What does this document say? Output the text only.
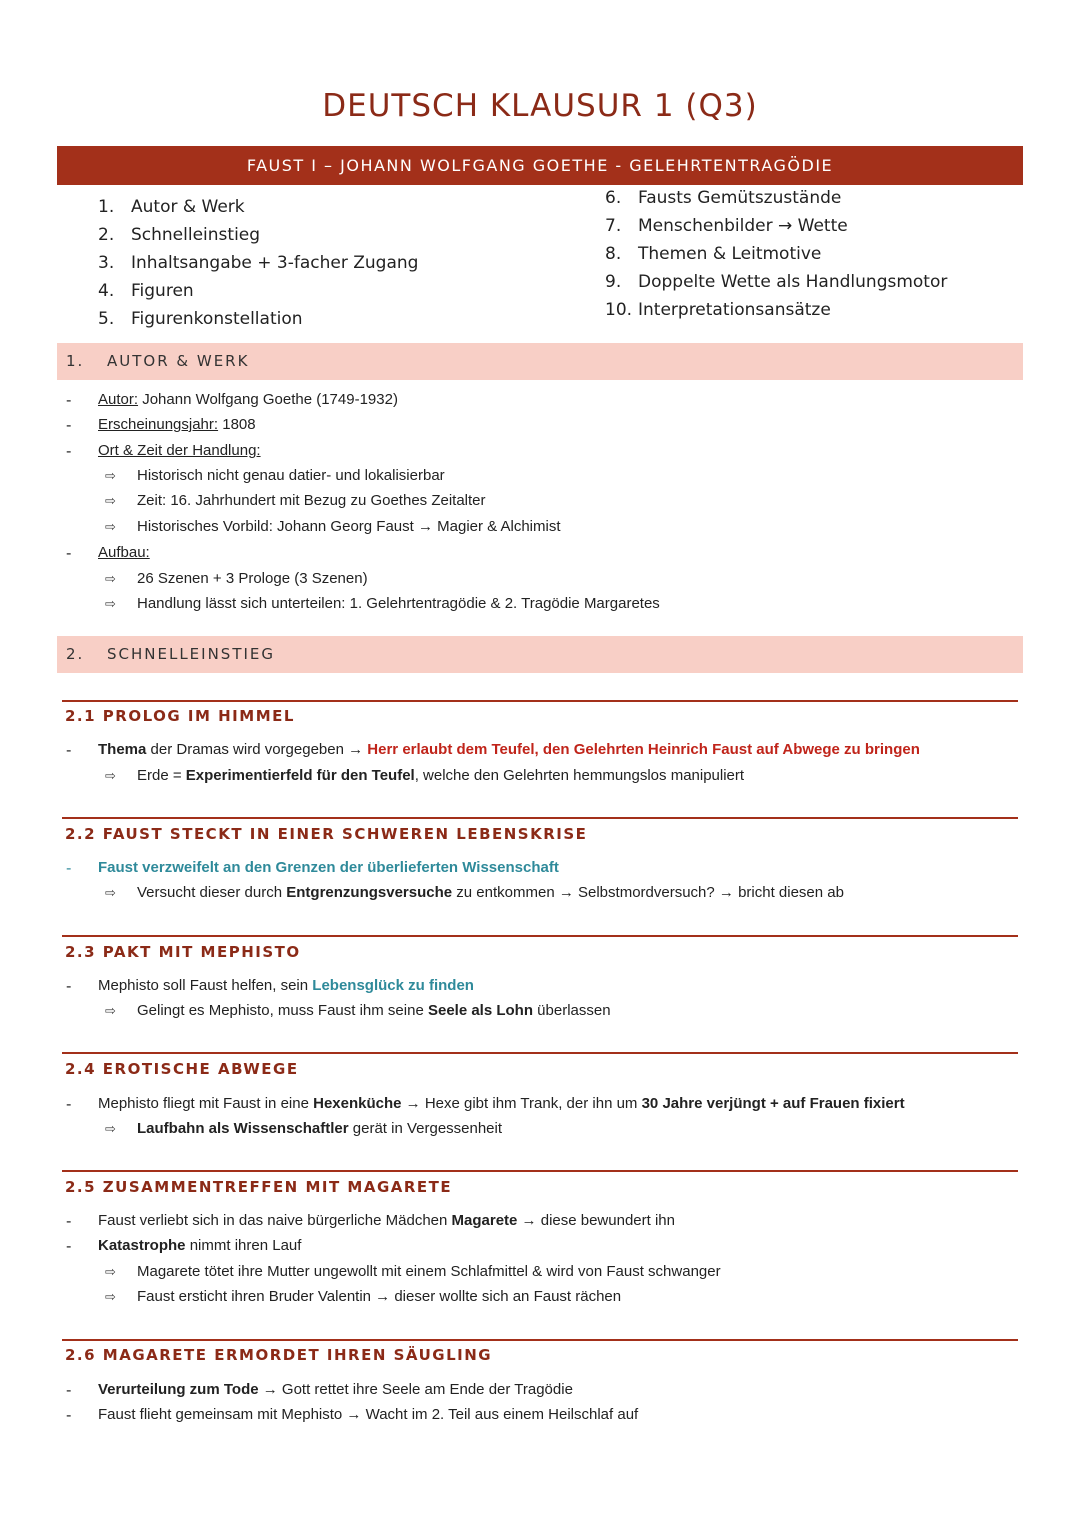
DEUTSCH KLAUSUR 1 (Q3)
FAUST I – JOHANN WOLFGANG GOETHE - GELEHRTENTRAGÖDIE
1. Autor & Werk
2. Schnelleinstieg
3. Inhaltsangabe + 3-facher Zugang
4. Figuren
5. Figurenkonstellation
6. Fausts Gemütszustände
7. Menschenbilder → Wette
8. Themen & Leitmotive
9. Doppelte Wette als Handlungsmotor
10. Interpretationsansätze
1. AUTOR & WERK
- Autor: Johann Wolfgang Goethe (1749-1932)
- Erscheinungsjahr: 1808
- Ort & Zeit der Handlung:
⇨ Historisch nicht genau datier- und lokalisierbar
⇨ Zeit: 16. Jahrhundert mit Bezug zu Goethes Zeitalter
⇨ Historisches Vorbild: Johann Georg Faust → Magier & Alchimist
- Aufbau:
⇨ 26 Szenen + 3 Prologe (3 Szenen)
⇨ Handlung lässt sich unterteilen: 1. Gelehrtentragödie & 2. Tragödie Margaretes
2. SCHNELLEINSTIEG
2.1 PROLOG IM HIMMEL
- Thema der Dramas wird vorgegeben → Herr erlaubt dem Teufel, den Gelehrten Heinrich Faust auf Abwege zu bringen
⇨ Erde = Experimentierfeld für den Teufel, welche den Gelehrten hemmungslos manipuliert
2.2 FAUST STECKT IN EINER SCHWEREN LEBENSKRISE
- Faust verzweifelt an den Grenzen der überlieferten Wissenschaft
⇨ Versucht dieser durch Entgrenzungsversuche zu entkommen → Selbstmordversuch? → bricht diesen ab
2.3 PAKT MIT MEPHISTO
- Mephisto soll Faust helfen, sein Lebensglück zu finden
⇨ Gelingt es Mephisto, muss Faust ihm seine Seele als Lohn überlassen
2.4 EROTISCHE ABWEGE
- Mephisto fliegt mit Faust in eine Hexenküche → Hexe gibt ihm Trank, der ihn um 30 Jahre verjüngt + auf Frauen fixiert
⇨ Laufbahn als Wissenschaftler gerät in Vergessenheit
2.5 ZUSAMMENTREFFEN MIT MAGARETE
- Faust verliebt sich in das naive bürgerliche Mädchen Magarete → diese bewundert ihn
- Katastrophe nimmt ihren Lauf
⇨ Magarete tötet ihre Mutter ungewollt mit einem Schlafmittel & wird von Faust schwanger
⇨ Faust ersticht ihren Bruder Valentin → dieser wollte sich an Faust rächen
2.6 MAGARETE ERMORDET IHREN SÄUGLING
- Verurteilung zum Tode → Gott rettet ihre Seele am Ende der Tragödie
- Faust flieht gemeinsam mit Mephisto → Wacht im 2. Teil aus einem Heilschlaf auf
